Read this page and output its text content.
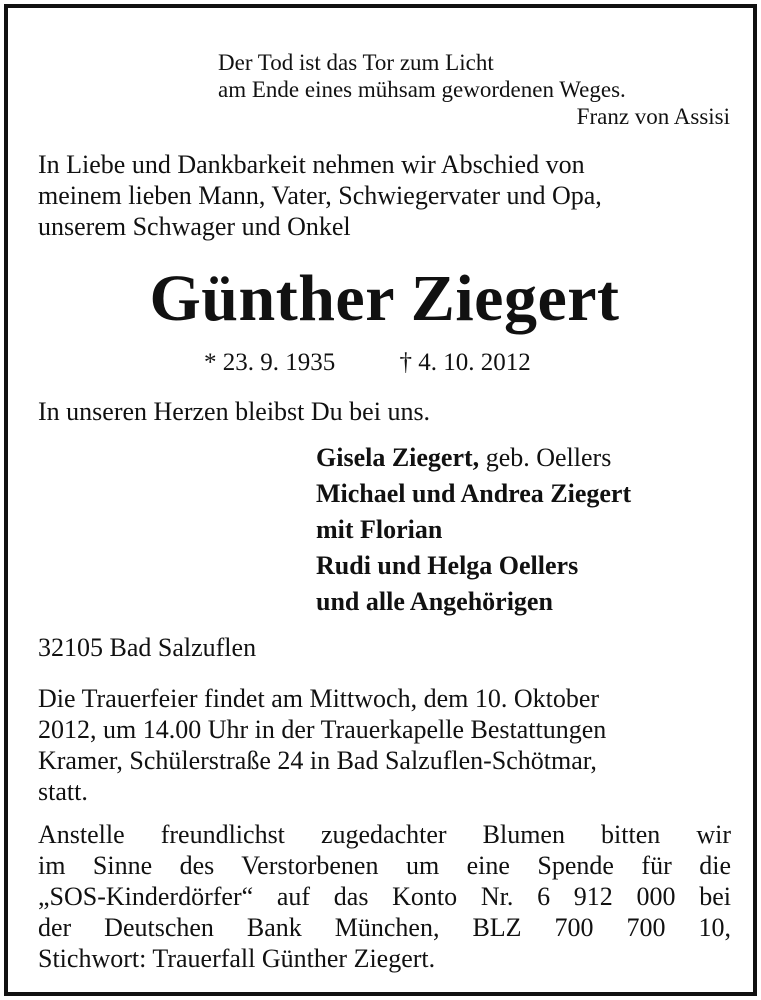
Der Tod ist das Tor zum Licht
am Ende eines mühsam gewordenen Weges.
Franz von Assisi
In Liebe und Dankbarkeit nehmen wir Abschied von
meinem lieben Mann, Vater, Schwiegervater und Opa,
unserem Schwager und Onkel
Günther Ziegert
* 23. 9. 1935	† 4. 10. 2012
In unseren Herzen bleibst Du bei uns.
Gisela Ziegert, geb. Oellers
Michael und Andrea Ziegert
mit Florian
Rudi und Helga Oellers
und alle Angehörigen
32105 Bad Salzuflen
Die Trauerfeier findet am Mittwoch, dem 10. Oktober
2012, um 14.00 Uhr in der Trauerkapelle Bestattungen
Kramer, Schülerstraße 24 in Bad Salzuflen-Schötmar,
statt.
Anstelle freundlichst zugedachter Blumen bitten wir
im Sinne des Verstorbenen um eine Spende für die
„SOS-Kinderdörfer“ auf das Konto Nr. 6 912 000 bei
der Deutschen Bank München, BLZ 700 700 10,
Stichwort: Trauerfall Günther Ziegert.
